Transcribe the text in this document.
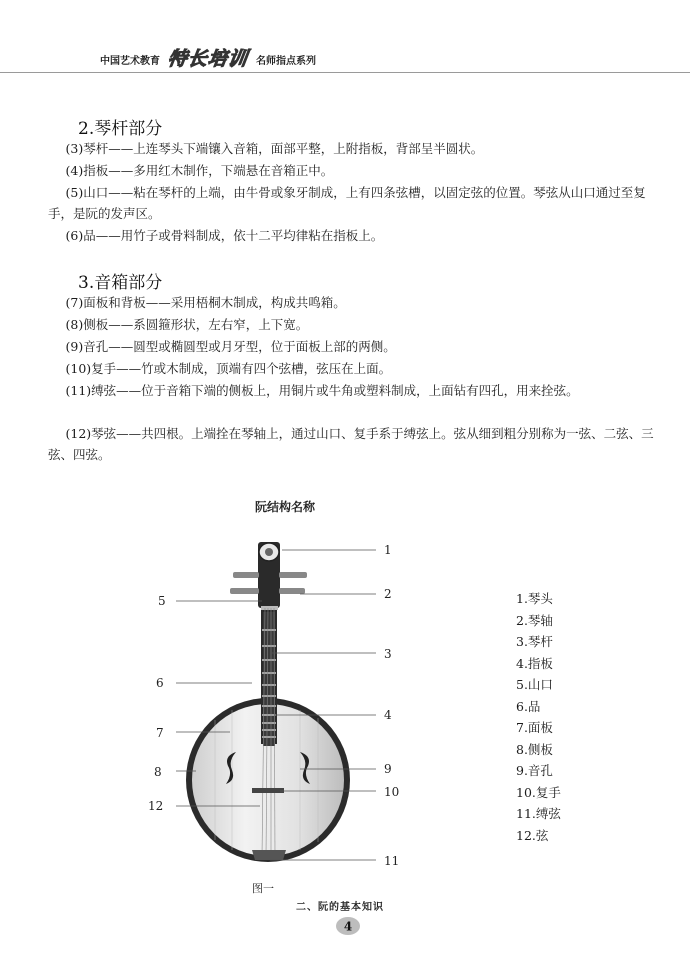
中国艺术教育 特长培训 名师指点系列
2.琴杆部分
(3)琴杆——上连琴头下端镶入音箱，面部平整，上附指板，背部呈半圆状。
(4)指板——多用红木制作，下端悬在音箱正中。
(5)山口——粘在琴杆的上端，由牛骨或象牙制成，上有四条弦槽，以固定弦的位置。琴弦从山口通过至复手，是阮的发声区。
(6)品——用竹子或骨料制成，依十二平均律粘在指板上。
3.音箱部分
(7)面板和背板——采用梧桐木制成，构成共鸣箱。
(8)侧板——系圆箍形状，左右窄，上下宽。
(9)音孔——圆型或椭圆型或月牙型，位于面板上部的两侧。
(10)复手——竹或木制成，顶端有四个弦槽，弦压在上面。
(11)缚弦——位于音箱下端的侧板上，用铜片或牛角或塑料制成，上面钻有四孔，用来拴弦。
(12)琴弦——共四根。上端拴在琴轴上，通过山口、复手系于缚弦上。弦从细到粗分别称为一弦、二弦、三弦、四弦。
阮结构名称
1
2
3
4
5
6
7
8	9
10
11
12
1.琴头
2.琴轴
3.琴杆
4.指板
5.山口
6.品
7.面板
8.侧板
9.音孔
10.复手
11.缚弦
12.弦
图一
二、阮的基本知识
4
